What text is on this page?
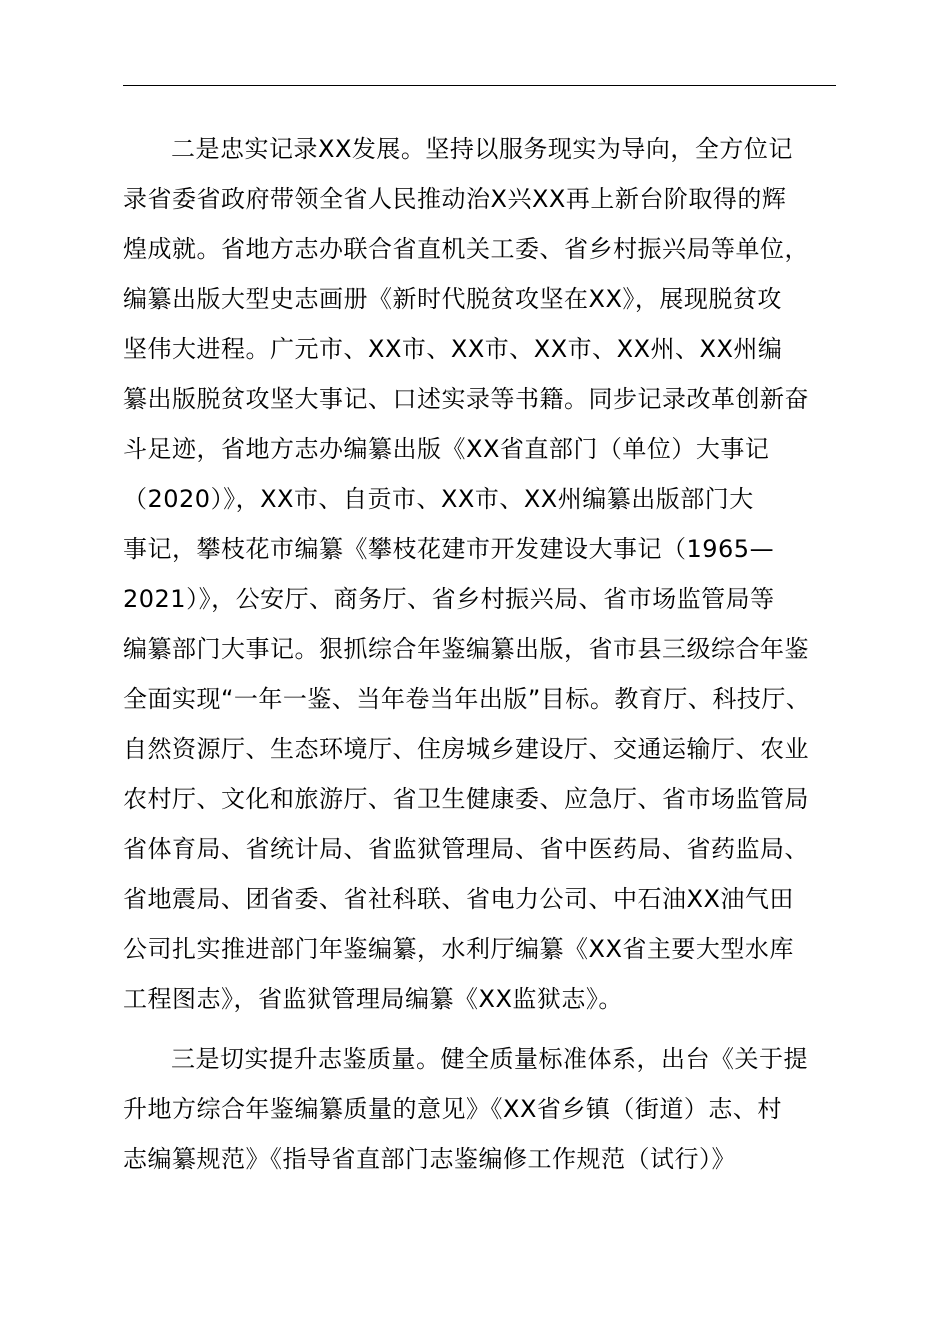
二是忠实记录XX发展。坚持以服务现实为导向，全方位记
录省委省政府带领全省人民推动治X兴XX再上新台阶取得的辉
煌成就。省地方志办联合省直机关工委、省乡村振兴局等单位，
编纂出版大型史志画册《新时代脱贫攻坚在XX》，展现脱贫攻
坚伟大进程。广元市、XX市、XX市、XX市、XX州、XX州编
纂出版脱贫攻坚大事记、口述实录等书籍。同步记录改革创新奋
斗足迹，省地方志办编纂出版《XX省直部门（单位）大事记
（2020）》，XX市、自贡市、XX市、XX州编纂出版部门大
事记，攀枝花市编纂《攀枝花建市开发建设大事记（1965—
2021）》，公安厅、商务厅、省乡村振兴局、省市场监管局等
编纂部门大事记。狠抓综合年鉴编纂出版，省市县三级综合年鉴
全面实现“一年一鉴、当年卷当年出版”目标。教育厅、科技厅、
自然资源厅、生态环境厅、住房城乡建设厅、交通运输厅、农业
农村厅、文化和旅游厅、省卫生健康委、应急厅、省市场监管局
省体育局、省统计局、省监狱管理局、省中医药局、省药监局、
省地震局、团省委、省社科联、省电力公司、中石油XX油气田
公司扎实推进部门年鉴编纂，水利厅编纂《XX省主要大型水库
工程图志》，省监狱管理局编纂《XX监狱志》。
三是切实提升志鉴质量。健全质量标准体系，出台《关于提
升地方综合年鉴编纂质量的意见》《XX省乡镇（街道）志、村
志编纂规范》《指导省直部门志鉴编修工作规范（试行）》
